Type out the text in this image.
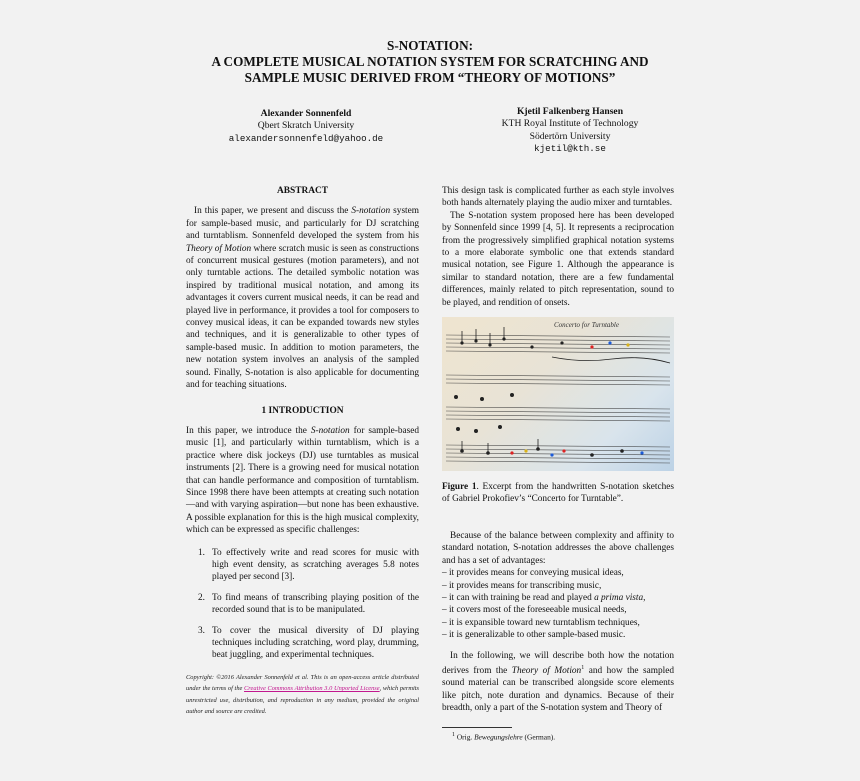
S-NOTATION:
A COMPLETE MUSICAL NOTATION SYSTEM FOR SCRATCHING AND
SAMPLE MUSIC DERIVED FROM “THEORY OF MOTIONS”
Alexander Sonnenfeld
Qbert Skratch University
alexandersonnenfeld@yahoo.de
Kjetil Falkenberg Hansen
KTH Royal Institute of Technology
Södertörn University
kjetil@kth.se
ABSTRACT

In this paper, we present and discuss the S-notation system for sample-based music, and particularly for DJ scratching and turntablism. Sonnenfeld developed the system from his Theory of Motion where scratch music is seen as constructions of concurrent musical gestures (motion parameters), and not only turntable actions. The detailed symbolic notation was inspired by traditional musical notation, and among its advantages it covers current musical needs, it can be read and played live in performance, it provides a tool for composers to convey musical ideas, it can be expanded towards new styles and techniques, and it is generalizable to other types of sample-based music. In addition to motion parameters, the new notation system involves an analysis of the sampled sound. Finally, S-notation is also applicable for documenting and for teaching situations.

1 INTRODUCTION

In this paper, we introduce the S-notation for sample-based music [1], and particularly within turntablism, which is a practice where disk jockeys (DJ) use turntables as musical instruments [2]. There is a growing need for musical notation that can handle performance and composition of turntablism. Since 1998 there have been attempts at creating such notation—and with varying aspiration—but none has been exhaustive. A possible explanation for this is the high musical complexity, which can be expressed as specific challenges:

1. To effectively write and read scores for music with high event density, as scratching averages 5.8 notes played per second [3].
2. To find means of transcribing playing position of the recorded sound that is to be manipulated.
3. To cover the musical diversity of DJ playing techniques including scratching, word play, drumming, beat juggling, and experimental techniques.
Copyright: ©2016 Alexander Sonnenfeld et al. This is an open-access article distributed under the terms of the Creative Commons Attribution 3.0 Unported License, which permits unrestricted use, distribution, and reproduction in any medium, provided the original author and source are credited.

This design task is complicated further as each style involves both hands alternately playing the audio mixer and turntables.

The S-notation system proposed here has been developed by Sonnenfeld since 1999 [4, 5]. It represents a reciprocation from the progressively simplified graphical notation systems to a more elaborate symbolic one that extends standard musical notation, see Figure 1. Although the appearance is similar to standard notation, there are a few fundamental differences, mainly related to pitch representation, sound to be played, and rendition of onsets.

Concerto for Turntable
Figure 1. Excerpt from the handwritten S-notation sketches of Gabriel Prokofiev’s “Concerto for Turntable”.

Because of the balance between complexity and affinity to standard notation, S-notation addresses the above challenges and has a set of advantages:

– it provides means for conveying musical ideas,
– it provides means for transcribing music,
– it can with training be read and played a prima vista,
– it covers most of the foreseeable musical needs,
– it is expansible toward new turntablism techniques,
– it is generalizable to other sample-based music.

In the following, we will describe both how the notation derives from the Theory of Motion$^1$ and how the sampled sound material can be transcribed alongside score elements like pitch, note duration and dynamics. Because of their breadth, only a part of the S-notation system and Theory of

$^1$ Orig. Bewegungslehre (German).
